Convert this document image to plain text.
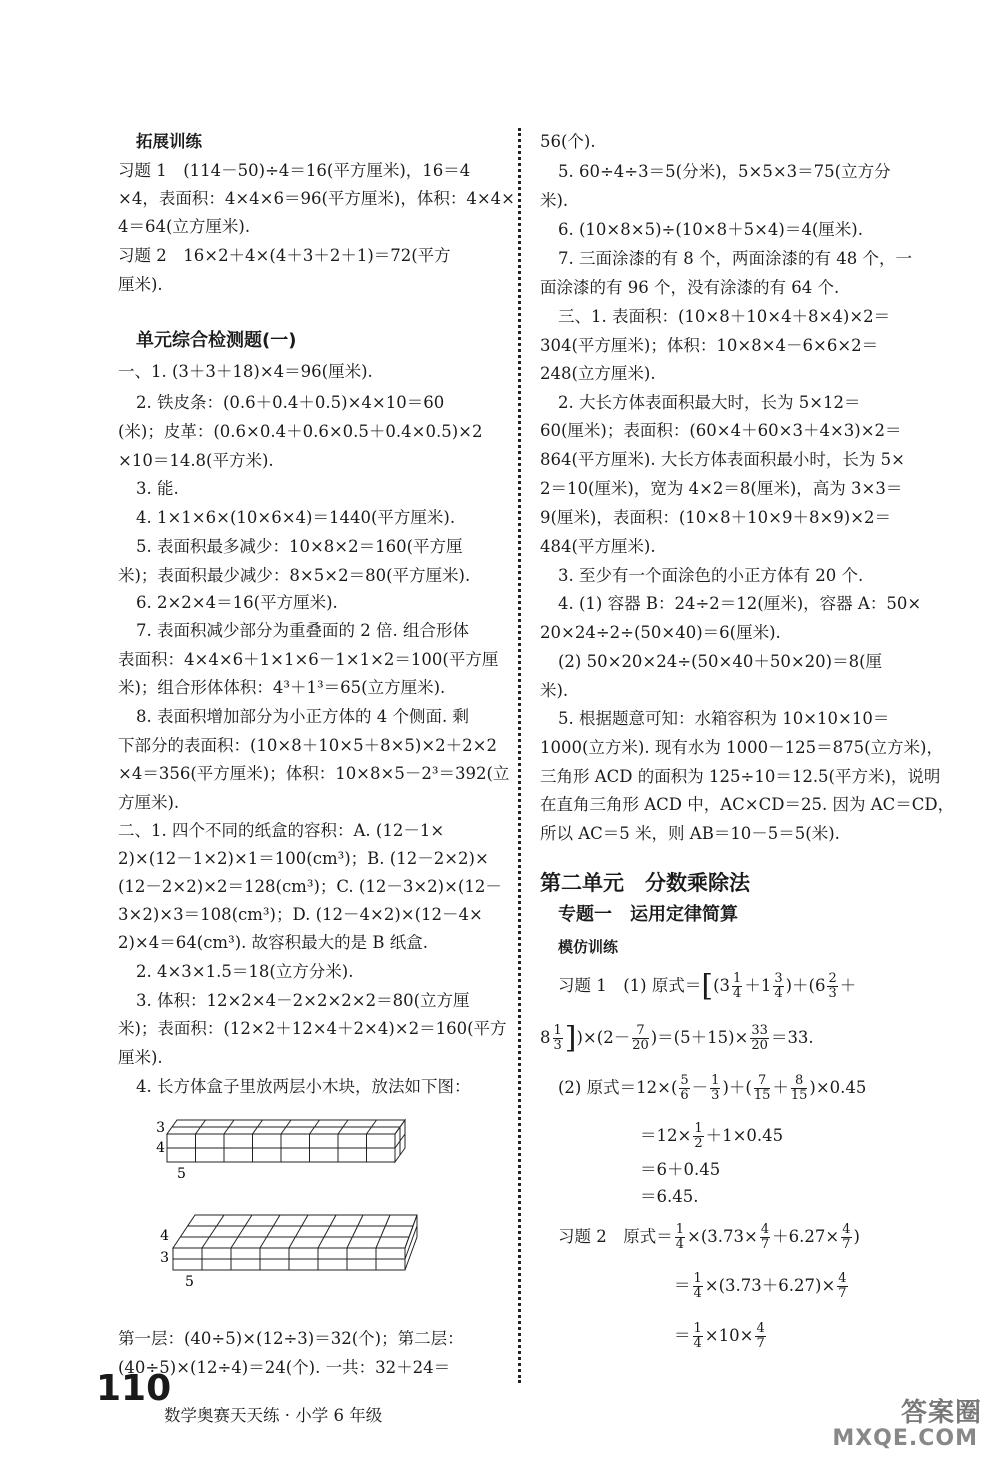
拓展训练
习题 1　(114－50)÷4＝16(平方厘米)，16＝4
×4，表面积：4×4×6＝96(平方厘米)，体积：4×4×
4＝64(立方厘米).
习题 2　16×2＋4×(4＋3＋2＋1)＝72(平方
厘米).
单元综合检测题(一)
一、1. (3＋3＋18)×4＝96(厘米).
2. 铁皮条：(0.6＋0.4＋0.5)×4×10＝60
(米)；皮革：(0.6×0.4＋0.6×0.5＋0.4×0.5)×2
×10＝14.8(平方米).
3. 能.
4. 1×1×6×(10×6×4)＝1440(平方厘米).
5. 表面积最多减少：10×8×2＝160(平方厘
米)；表面积最少减少：8×5×2＝80(平方厘米).
6. 2×2×4＝16(平方厘米).
7. 表面积减少部分为重叠面的 2 倍. 组合形体
表面积：4×4×6＋1×1×6－1×1×2＝100(平方厘
米)；组合形体体积：4³＋1³＝65(立方厘米).
8. 表面积增加部分为小正方体的 4 个侧面. 剩
下部分的表面积：(10×8＋10×5＋8×5)×2＋2×2
×4＝356(平方厘米)；体积：10×8×5－2³＝392(立
方厘米).
二、1. 四个不同的纸盒的容积：A. (12－1×
2)×(12－1×2)×1＝100(cm³)；B. (12－2×2)×
(12－2×2)×2＝128(cm³)；C. (12－3×2)×(12－
3×2)×3＝108(cm³)；D. (12－4×2)×(12－4×
2)×4＝64(cm³). 故容积最大的是 B 纸盒.
2. 4×3×1.5＝18(立方分米).
3. 体积：12×2×4－2×2×2×2＝80(立方厘
米)；表面积：(12×2＋12×4＋2×4)×2＝160(平方
厘米).
4. 长方体盒子里放两层小木块，放法如下图：
第一层：(40÷5)×(12÷3)＝32(个)；第二层：
(40÷5)×(12÷4)＝24(个). 一共：32＋24＝
3
4
5
4
3
5
56(个).
5. 60÷4÷3＝5(分米)，5×5×3＝75(立方分
米).
6. (10×8×5)÷(10×8＋5×4)＝4(厘米).
7. 三面涂漆的有 8 个，两面涂漆的有 48 个，一
面涂漆的有 96 个，没有涂漆的有 64 个.
三、1. 表面积：(10×8＋10×4＋8×4)×2＝
304(平方厘米)；体积：10×8×4－6×6×2＝
248(立方厘米).
2. 大长方体表面积最大时，长为 5×12＝
60(厘米)；表面积：(60×4＋60×3＋4×3)×2＝
864(平方厘米). 大长方体表面积最小时，长为 5×
2＝10(厘米)，宽为 4×2＝8(厘米)，高为 3×3＝
9(厘米)，表面积：(10×8＋10×9＋8×9)×2＝
484(平方厘米).
3. 至少有一个面涂色的小正方体有 20 个.
4. (1) 容器 B：24÷2＝12(厘米)，容器 A：50×
20×24÷2÷(50×40)＝6(厘米).
(2) 50×20×24÷(50×40＋50×20)＝8(厘
米).
5. 根据题意可知：水箱容积为 10×10×10＝
1000(立方米). 现有水为 1000－125＝875(立方米)，
三角形 ACD 的面积为 125÷10＝12.5(平方米)，说明
在直角三角形 ACD 中，AC×CD＝25. 因为 AC＝CD，
所以 AC＝5 米，则 AB＝10－5＝5(米).
第二单元　分数乘除法
专题一　运用定律简算
模仿训练
习题 1　(1) 原式$=[(3 \frac{1}{4} +1 \frac{3}{4} )+(6 \frac{2}{3}$ ＋
$8 \frac{1}{3} ])\times(2- \frac{7}{20} )=(5+15)\times \frac{33}{20} =33$.
(2) 原式$=12\times( \frac{5}{6} - \frac{1}{3}$ )＋( $\frac{7}{15} + \frac{8}{15} )\times 0.45$
$=12\times \frac{1}{2} +1\times 0.45$
＝6＋0.45
＝6.45.
习题 2　原式＝ $\frac{1}{4} \times(3.73\times \frac{4}{7} +6.27\times \frac{4}{7}$ )
＝ $\frac{1}{4} \times(3.73+6.27)\times \frac{4}{7}$
＝ $\frac{1}{4} \times 10\times \frac{4}{7}$
110
数学奥赛天天练 · 小学 6 年级	答案圈
MXQE.COM
